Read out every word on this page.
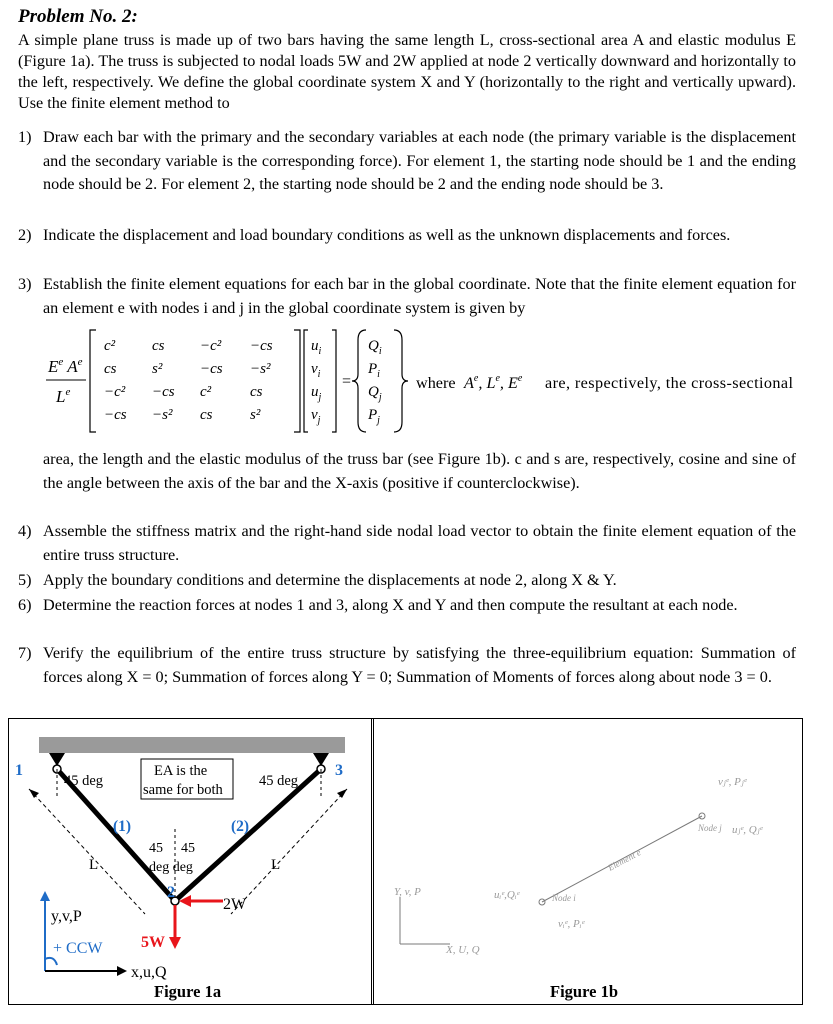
Problem No. 2:
A simple plane truss is made up of two bars having the same length L, cross-sectional area A and elastic modulus E (Figure 1a). The truss is subjected to nodal loads 5W and 2W applied at node 2 vertically downward and horizontally to the left, respectively. We define the global coordinate system X and Y (horizontally to the right and vertically upward). Use the finite element method to
1) Draw each bar with the primary and the secondary variables at each node (the primary variable is the displacement and the secondary variable is the corresponding force). For element 1, the starting node should be 1 and the ending node should be 2. For element 2, the starting node should be 2 and the ending node should be 3.
2) Indicate the displacement and load boundary conditions as well as the unknown displacements and forces.
3) Establish the finite element equations for each bar in the global coordinate. Note that the finite element equation for an element e with nodes i and j in the global coordinate system is given by
$E^e$ $A^e$
Le
c² cs −c² −cs
cs s²	−cs −s²
−c² −cs c²	cs
−cs −s² cs	s²
$u_i$
$v_i$
$u_j$
$v_j$
=
$Q_i$
$P_i$
$Q_j$
$P_j$
where $A^e$, Le, $E^e$ are, respectively, the cross-sectional
area, the length and the elastic modulus of the truss bar (see Figure 1b). c and s are, respectively, cosine and sine of the angle between the axis of the bar and the X-axis (positive if counterclockwise).
4) Assemble the stiffness matrix and the right-hand side nodal load vector to obtain the finite element equation of the entire truss structure.
5) Apply the boundary conditions and determine the displacements at node 2, along X & Y.
6) Determine the reaction forces at nodes 1 and 3, along X and Y and then compute the resultant at each node.
7) Verify the equilibrium of the entire truss structure by satisfying the three-equilibrium equation: Summation of forces along X = 0; Summation of forces along Y = 0; Summation of Moments of forces along about node 3 = 0.
1	3
2
45 deg	45 deg
EA is the
same for both
(1)	(2)
L	L
45 45
deg deg
5W
2W
y,v,P
x,u,Q
+ CCW
Figure 1a
Element e
Node i
Node j
vⱼᵉ, Pⱼᵉ
uⱼᵉ, Qⱼᵉ
uᵢᵉ,Qᵢᵉ
vᵢᵉ, Pᵢᵉ
Y, v, P
X, U, Q
Figure 1b
